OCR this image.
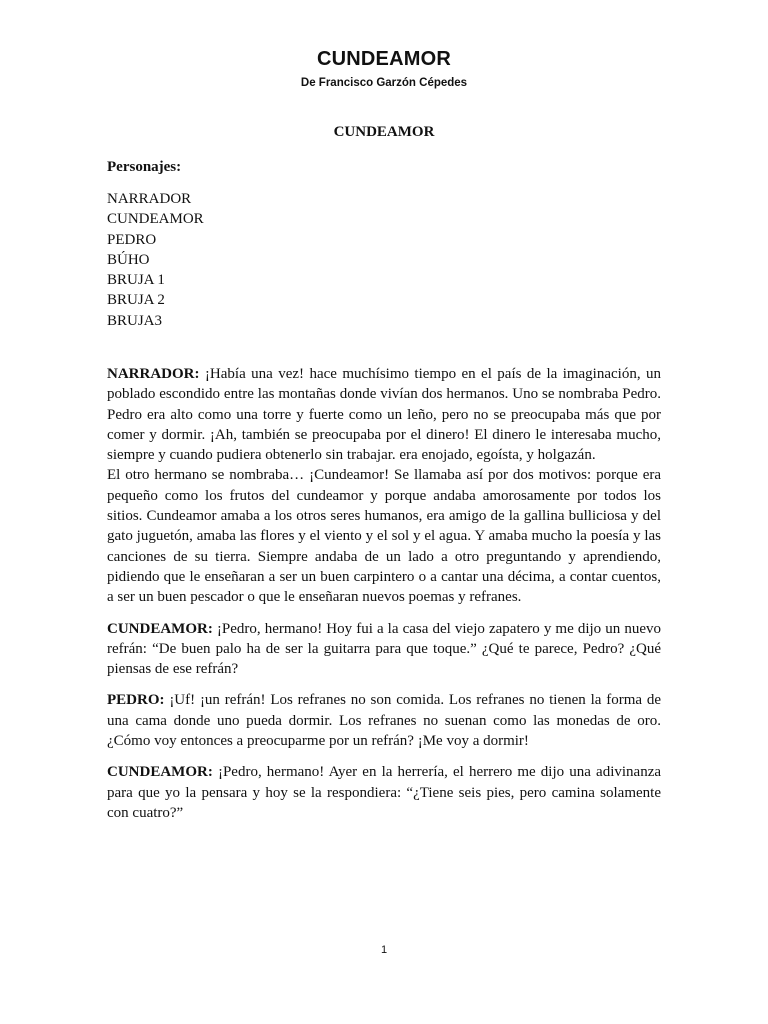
CUNDEAMOR
De Francisco Garzón Cépedes
CUNDEAMOR
Personajes:
NARRADOR
CUNDEAMOR
PEDRO
BÚHO
BRUJA 1
BRUJA 2
BRUJA3

NARRADOR: ¡Había una vez! hace muchísimo tiempo en el país de la imaginación, un poblado escondido entre las montañas donde vivían dos hermanos. Uno se nombraba Pedro. Pedro era alto como una torre y fuerte como un leño, pero no se preocupaba más que por comer y dormir. ¡Ah, también se preocupaba por el dinero! El dinero le interesaba mucho, siempre y cuando pudiera obtenerlo sin trabajar. era enojado, egoísta, y holgazán.

El otro hermano se nombraba… ¡Cundeamor! Se llamaba así por dos motivos: porque era pequeño como los frutos del cundeamor y porque andaba amorosamente por todos los sitios. Cundeamor amaba a los otros seres humanos, era amigo de la gallina bulliciosa y del gato juguetón, amaba las flores y el viento y el sol y el agua. Y amaba mucho la poesía y las canciones de su tierra. Siempre andaba de un lado a otro preguntando y aprendiendo, pidiendo que le enseñaran a ser un buen carpintero o a cantar una décima, a contar cuentos, a ser un buen pescador o que le enseñaran nuevos poemas y refranes.

CUNDEAMOR: ¡Pedro, hermano! Hoy fui a la casa del viejo zapatero y me dijo un nuevo refrán: “De buen palo ha de ser la guitarra para que toque.” ¿Qué te parece, Pedro? ¿Qué piensas de ese refrán?

PEDRO: ¡Uf! ¡un refrán! Los refranes no son comida. Los refranes no tienen la forma de una cama donde uno pueda dormir. Los refranes no suenan como las monedas de oro. ¿Cómo voy entonces a preocuparme por un refrán? ¡Me voy a dormir!

CUNDEAMOR: ¡Pedro, hermano! Ayer en la herrería, el herrero me dijo una adivinanza para que yo la pensara y hoy se la respondiera: “¿Tiene seis pies, pero camina solamente con cuatro?”

1
